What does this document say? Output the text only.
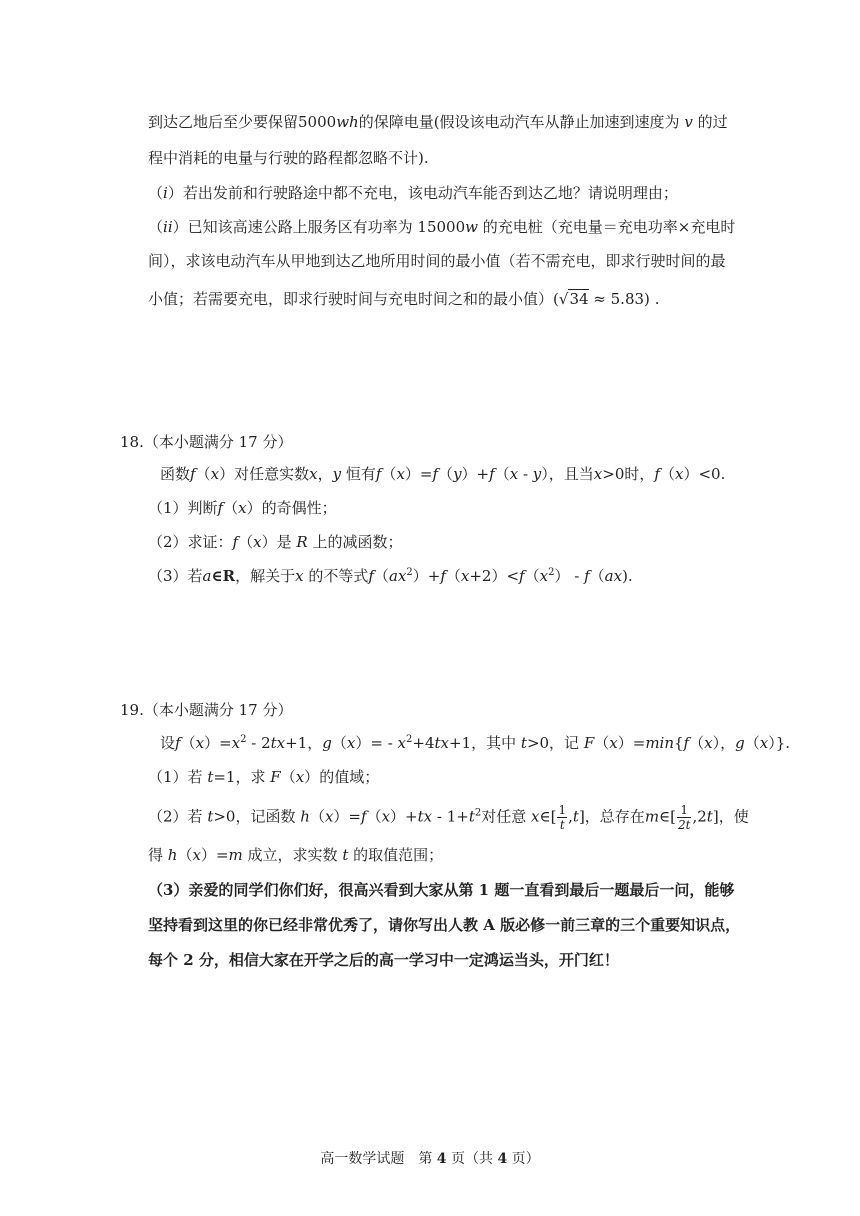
到达乙地后至少要保留5000wh的保障电量(假设该电动汽车从静止加速到速度为 v 的过
程中消耗的电量与行驶的路程都忽略不计).
（i）若出发前和行驶路途中都不充电，该电动汽车能否到达乙地？请说明理由；
（ii）已知该高速公路上服务区有功率为 15000w 的充电桩（充电量＝充电功率×充电时
间），求该电动汽车从甲地到达乙地所用时间的最小值（若不需充电，即求行驶时间的最
小值；若需要充电，即求行驶时间与充电时间之和的最小值）(√34 ≈ 5.83) .
18.（本小题满分 17 分）
函数f（x）对任意实数x，y 恒有f（x）=f（y）+f（x - y），且当x>0时，f（x）<0.
（1）判断f（x）的奇偶性；
（2）求证：f（x）是 R 上的减函数；
（3）若a∈R，解关于x 的不等式$f(ax^2)+f(x+2)<f(x^2) - f(ax)$.
19.（本小题满分 17 分）
设$f(x)=x^2 - 2tx+1$，$g(x)= - x^2+4tx+1$，其中 t>0，记 F（x）=min{f（x），g（x）}.
（1）若 t=1，求 F（x）的值域；
（2）若 t>0，记函数 $h(x)=f(x)+tx - 1+t^2$对任意 x∈[ $\frac{1}{t} ,t$]，总存在m∈[ $\frac{1}{2t} ,2t$]，使
得 h（x）=m 成立，求实数 t 的取值范围；
（3）亲爱的同学们你们好，很高兴看到大家从第 1 题一直看到最后一题最后一问，能够
坚持看到这里的你已经非常优秀了，请你写出人教 A 版必修一前三章的三个重要知识点，
每个 2 分，相信大家在开学之后的高一学习中一定鸿运当头，开门红！
高一数学试题　第 4 页（共 4 页）
